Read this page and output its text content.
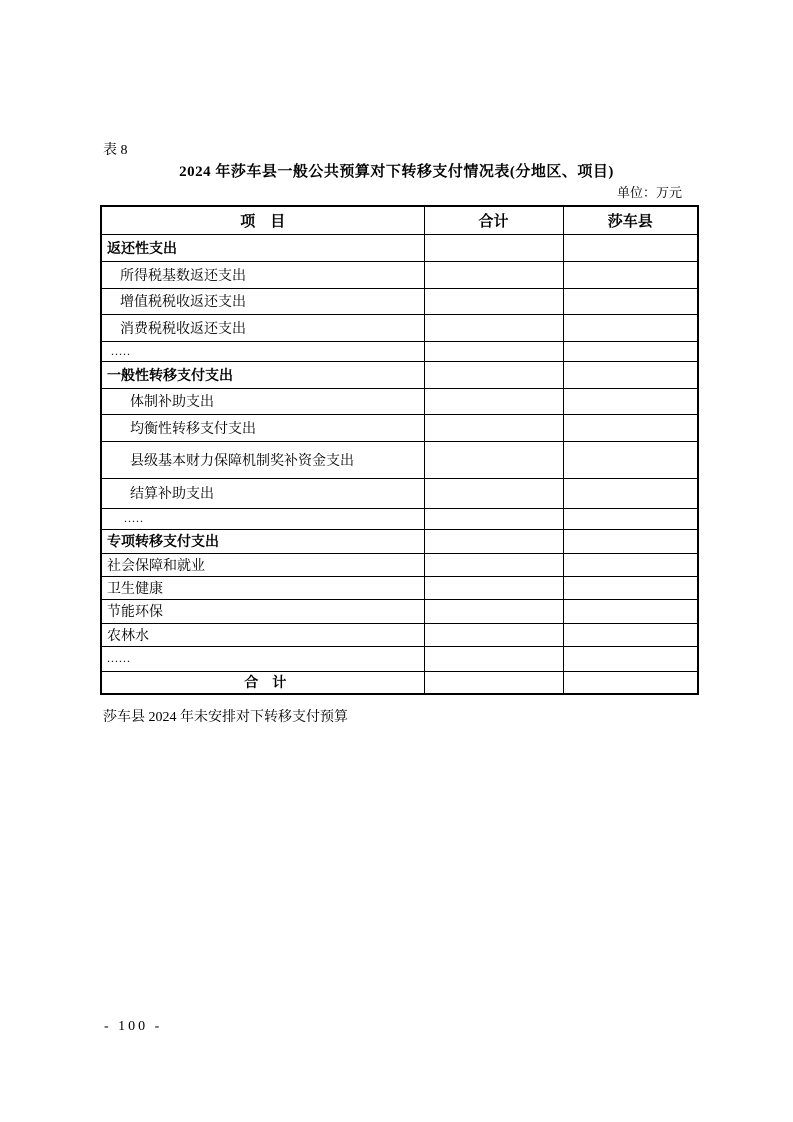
表 8
2024 年莎车县一般公共预算对下转移支付情况表(分地区、项目)
单位：万元
项　目	合计	莎车县
返还性支出		
所得税基数返还支出		
增值税税收返还支出		
消费税税收返还支出		
.....		
一般性转移支付支出		
体制补助支出		
均衡性转移支付支出		
县级基本财力保障机制奖补资金支出		
结算补助支出		
.....		
专项转移支付支出		
社会保障和就业		
卫生健康		
节能环保		
农林水		
......		
合　计		
莎车县 2024 年未安排对下转移支付预算
- 100 -
